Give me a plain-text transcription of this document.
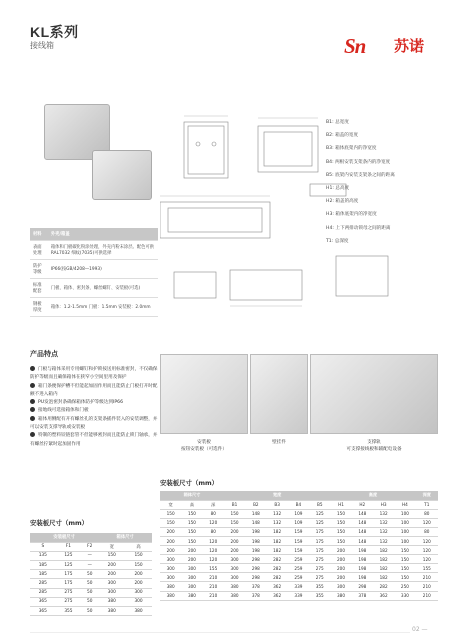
KL系列
接线箱	Sn 苏诺
B1: 总宽度
B2: 箱盖的宽度
B3: 箱体底架内的净宽度
B4: 两根安装支架条内的净宽度
B5: 底架内安装支架条之间的距离
H1: 总高度
H2: 箱盖的高度
H3: 箱体底架内的净宽度
H4: 上下两排动锁母之间的距离
T1: 总深度
材料	外壳/箱盖
表面处理	箱体和门板碳化粉涂处理，外壳内粉末涂层。配色可供RAL7032 细纹(7035)可供选择
防护等级	IP66(按GB/4208—1993)
标准配套	门板、箱体、密封条、螺丝螺钉、安装板(可选)
钢板厚度	箱体：1.2-1.5mm 门板：1.5mm 安装板：2.0mm
产品特点
门板与箱体采用专用螺钉和护锁按送用标准密封，不仅确保防护等级而且确保箱体在狭窄小空间里用及保护
箱门条便保护槽不但能起加固作用而且能防止门板打开时配额不进入箱内
PU发泡密封条确保箱体防护等级达到IP66
接地线可选接箱体和门板
箱体用侧配有开有螺丝孔的支架条插件装入的安装调整，并可以安装支撑导轨或安装板
特制的塑料铰链套管不但能够密封而且能防止锁门轴承，并有螺丝拧紧时起加固作用	安装板
按钮安装板（可选件）
壁挂件	支撑轨
可支撑接线板和辅配电设备
安装板尺寸（mm）
安装板尺寸			箱体尺寸	
S	F1	F2	宽	高
135	125	—	150	150
185	125	—	200	150
185	175	50	200	200
285	175	50	300	200
285	275	50	300	300
365	275	50	380	300
365	355	50	380	380
安装板尺寸（mm）
箱体尺寸			宽度					高度				深度
宽	高	深	B1	B2	B3	B4	B5	H1	H2	H3	H4	T1
150	150	80	150	148	132	109	125	150	148	132	100	80
150	150	120	150	148	132	109	125	150	148	132	100	120
200	150	80	200	198	182	159	175	150	148	132	100	80
200	150	120	200	198	182	159	175	150	148	132	100	120
200	200	120	200	198	182	159	175	200	198	182	150	120
300	200	120	300	298	282	259	275	200	198	182	150	120
300	300	155	300	298	282	259	275	200	198	182	150	155
300	300	210	300	298	282	259	275	200	198	182	150	210
380	300	210	380	378	362	339	355	300	298	282	250	210
380	380	210	380	378	362	339	355	380	378	362	330	210
02 —
